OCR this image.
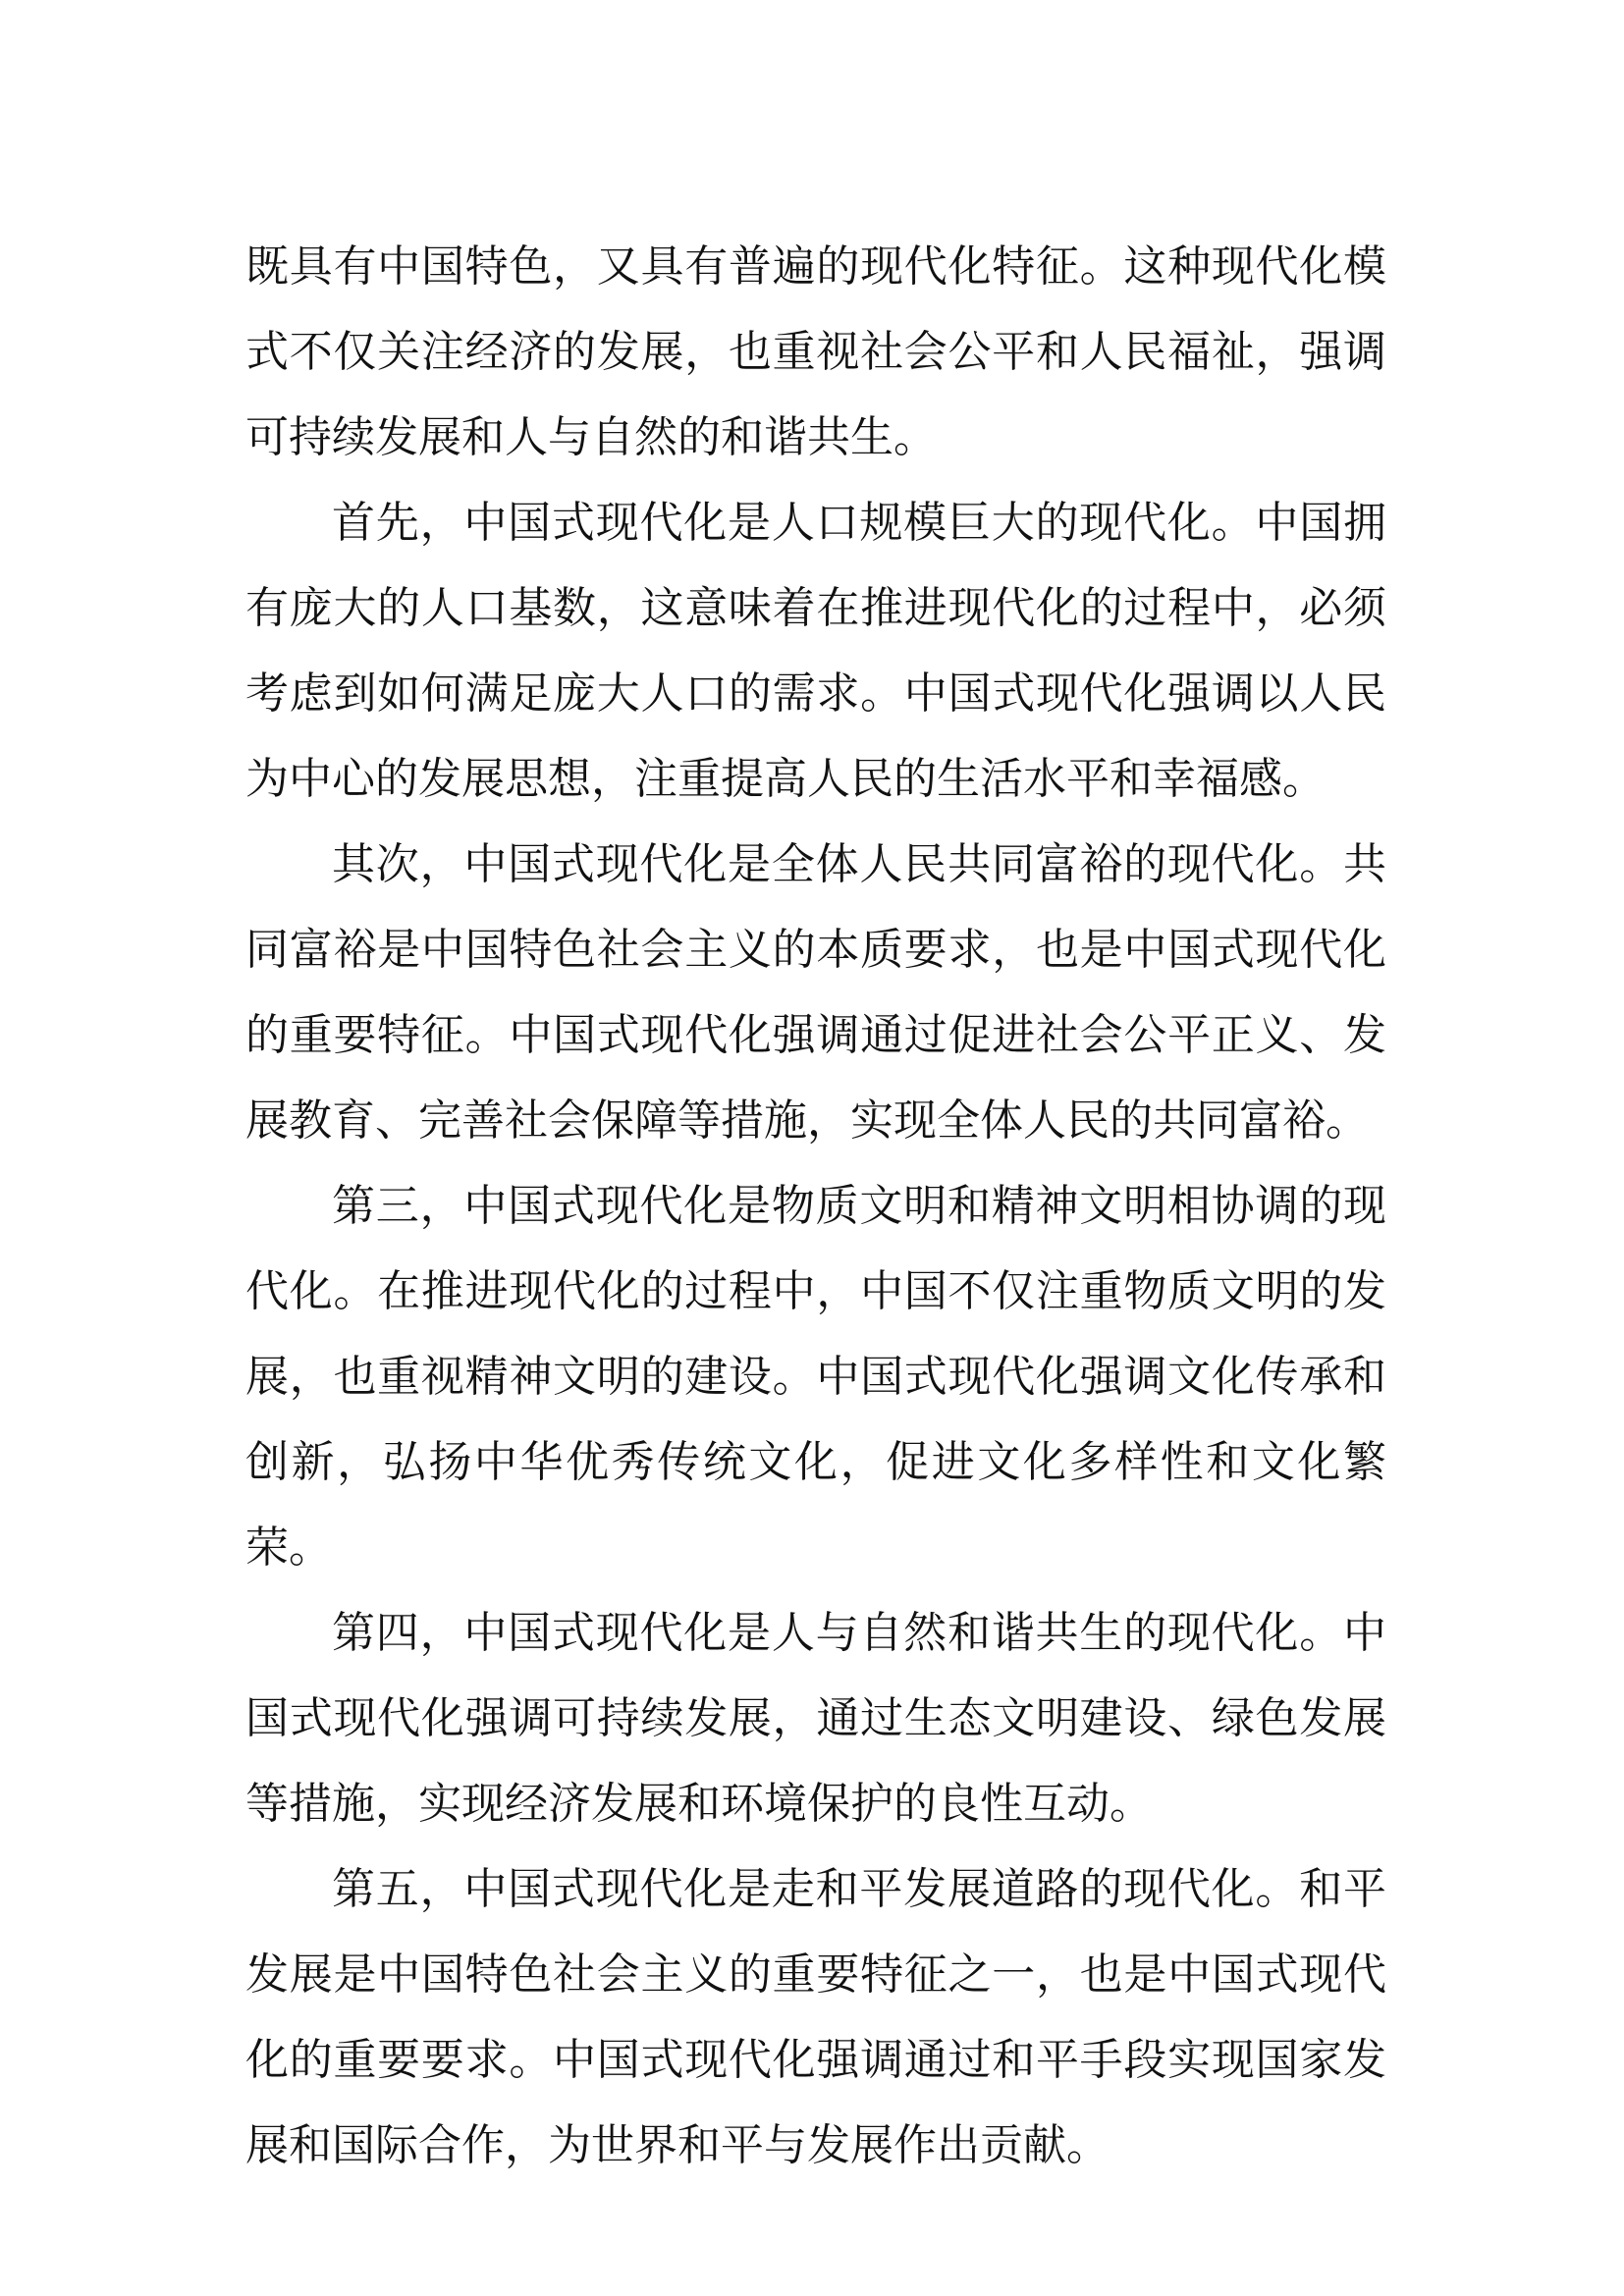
既具有中国特色，又具有普遍的现代化特征。这种现代化模式不仅关注经济的发展，也重视社会公平和人民福祉，强调可持续发展和人与自然的和谐共生。

首先，中国式现代化是人口规模巨大的现代化。中国拥有庞大的人口基数，这意味着在推进现代化的过程中，必须考虑到如何满足庞大人口的需求。中国式现代化强调以人民为中心的发展思想，注重提高人民的生活水平和幸福感。

其次，中国式现代化是全体人民共同富裕的现代化。共同富裕是中国特色社会主义的本质要求，也是中国式现代化的重要特征。中国式现代化强调通过促进社会公平正义、发展教育、完善社会保障等措施，实现全体人民的共同富裕。

第三，中国式现代化是物质文明和精神文明相协调的现代化。在推进现代化的过程中，中国不仅注重物质文明的发展，也重视精神文明的建设。中国式现代化强调文化传承和创新，弘扬中华优秀传统文化，促进文化多样性和文化繁荣。

第四，中国式现代化是人与自然和谐共生的现代化。中国式现代化强调可持续发展，通过生态文明建设、绿色发展等措施，实现经济发展和环境保护的良性互动。

第五，中国式现代化是走和平发展道路的现代化。和平发展是中国特色社会主义的重要特征之一，也是中国式现代化的重要要求。中国式现代化强调通过和平手段实现国家发展和国际合作，为世界和平与发展作出贡献。
